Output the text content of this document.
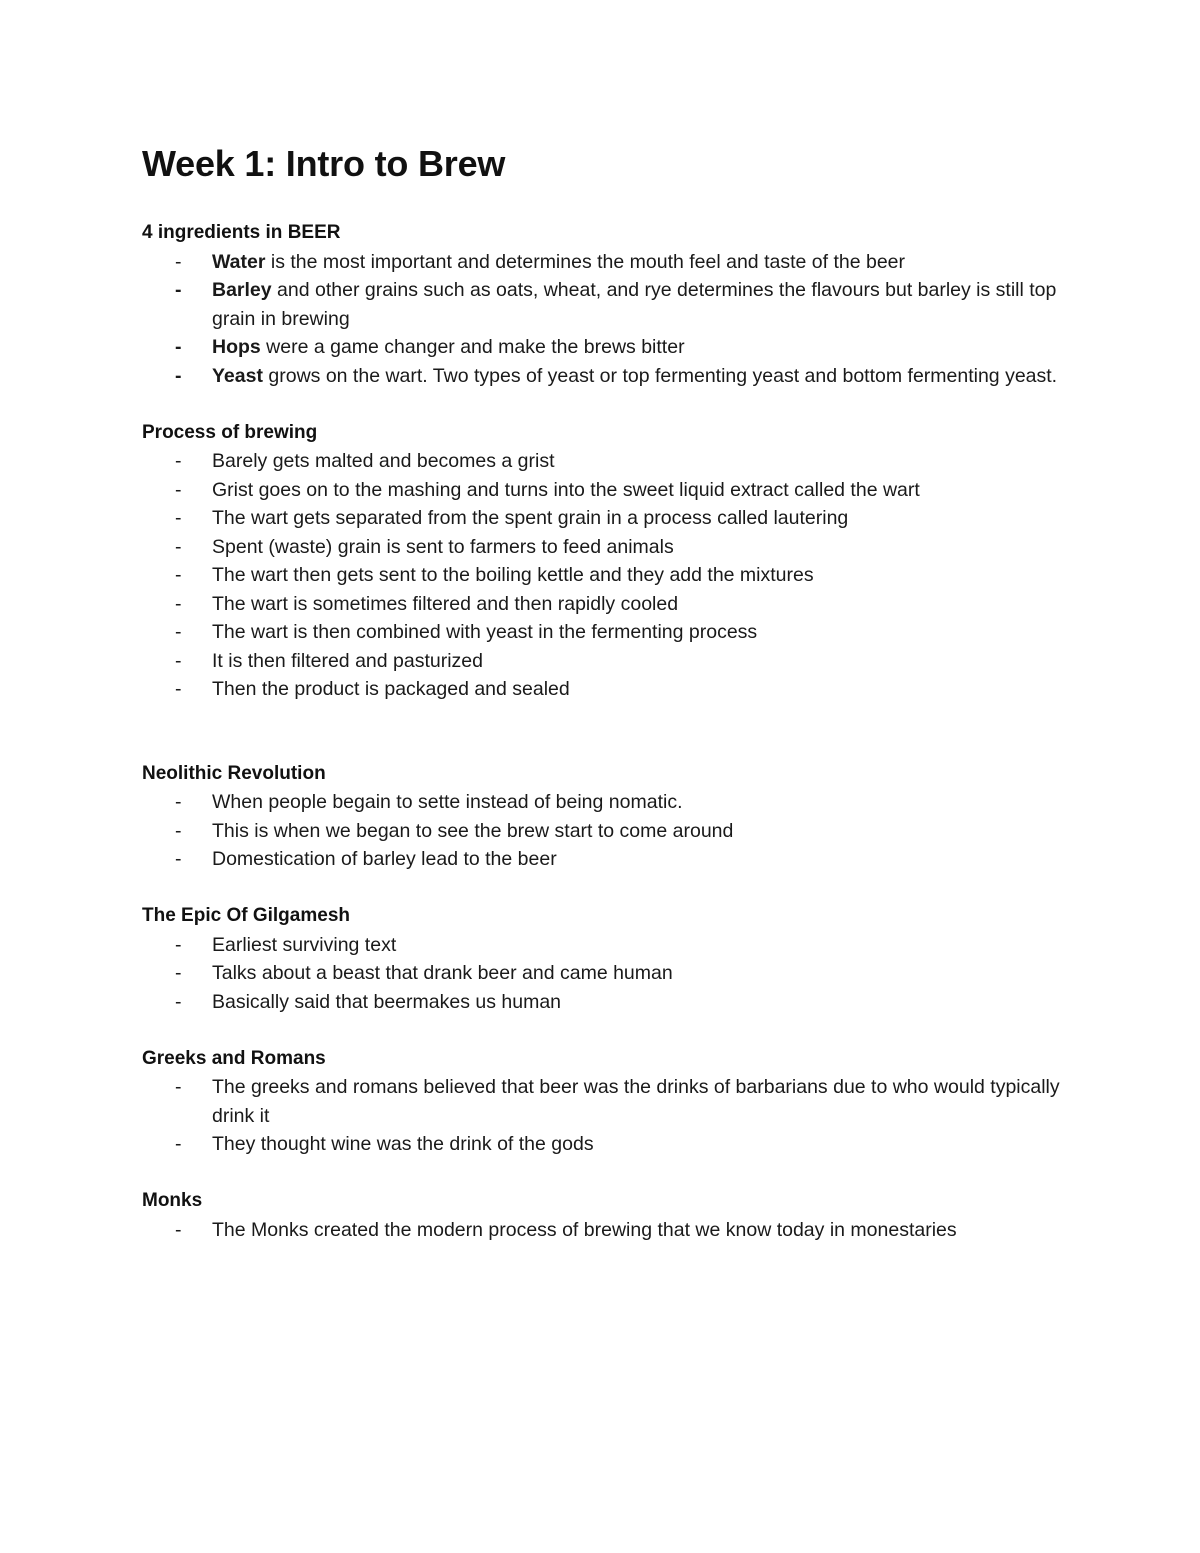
Week 1: Intro to Brew

4 ingredients in BEER

- Water is the most important and determines the mouth feel and taste of the beer
- Barley and other grains such as oats, wheat, and rye determines the flavours but barley is still top grain in brewing
- Hops were a game changer and make the brews bitter
- Yeast grows on the wart. Two types of yeast or top fermenting yeast and bottom fermenting yeast.

Process of brewing

- Barely gets malted and becomes a grist
- Grist goes on to the mashing and turns into the sweet liquid extract called the wart
- The wart gets separated from the spent grain in a process called lautering
- Spent (waste) grain is sent to farmers to feed animals
- The wart then gets sent to the boiling kettle and they add the mixtures
- The wart is sometimes filtered and then rapidly cooled
- The wart is then combined with yeast in the fermenting process
- It is then filtered and pasturized
- Then the product is packaged and sealed

Neolithic Revolution

- When people begain to sette instead of being nomatic.
- This is when we began to see the brew start to come around
- Domestication of barley lead to the beer

The Epic Of Gilgamesh

- Earliest surviving text
- Talks about a beast that drank beer and came human
- Basically said that beermakes us human

Greeks and Romans

- The greeks and romans believed that beer was the drinks of barbarians due to who would typically drink it
- They thought wine was the drink of the gods

Monks

- The Monks created the modern process of brewing that we know today in monestaries
